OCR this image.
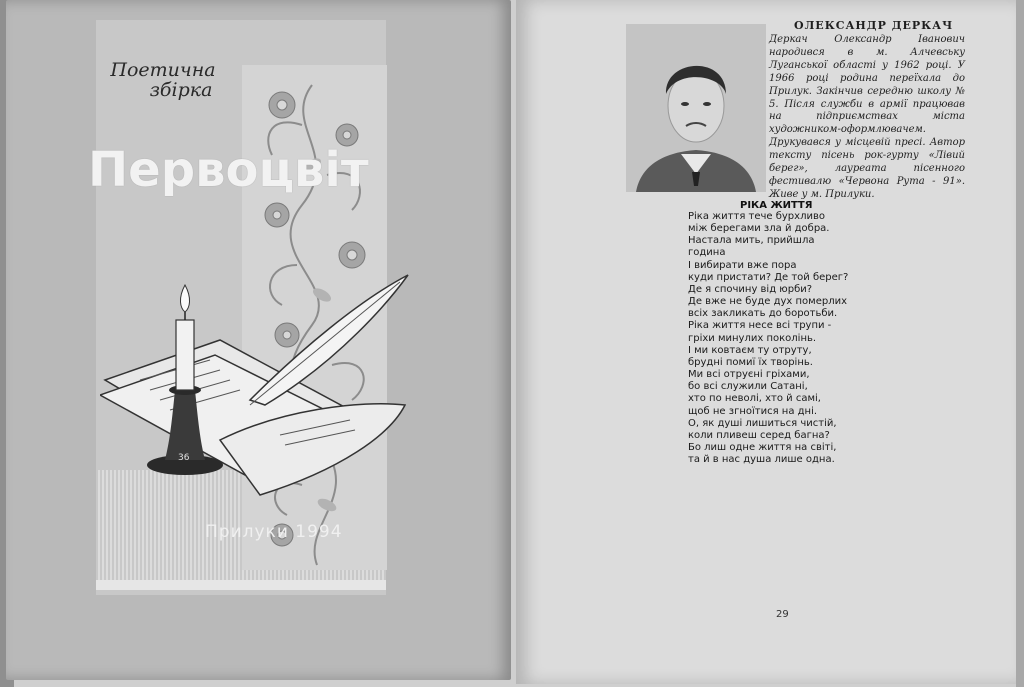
Поетична
збірка
Первоцвіт
36
Прилуки 1994
ОЛЕКСАНДР ДЕРКАЧ
Деркач Олександр Іванович народився в м. Алчевську Луганської області у 1962 році. У 1966 році родина переїхала до Прилук. Закінчив середню школу № 5. Після служби в армії працював на підприємствах міста художником-оформлювачем. Друкувався у місцевій пресі. Автор тексту пісень рок-гурту «Лівий берег», лауреата пісенного фестивалю «Червона Рута - 91». Живе у м. Прилуки.
РІКА ЖИТТЯ
Ріка життя тече бурхливо
між берегами зла й добра.
Настала мить, прийшла
година
І вибирати вже пора
куди пристати? Де той берег?
Де я спочину від юрби?
Де вже не буде дух померлих
всіх закликать до боротьби.
Ріка життя несе всі трупи -
гріхи минулих поколінь.
І ми ковтаєм ту отруту,
брудні помиї їх творінь.
Ми всі отруєні гріхами,
бо всі служили Сатані,
хто по неволі, хто й самі,
щоб не згноїтися на дні.
О, як душі лишиться чистій,
коли пливеш серед багна?
Бо лиш одне життя на світі,
та й в нас душа лише одна.
29
